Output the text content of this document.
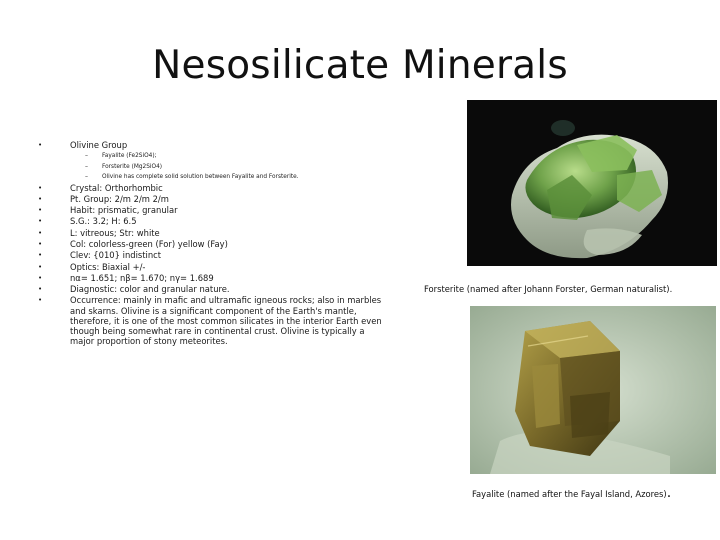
Nesosilicate Minerals
•	Olivine Group
– Fayalite (Fe2SiO4);
– Forsterite (Mg2SiO4)
– Olivine has complete solid solution between Fayalite and Forsterite.
•	Crystal: Orthorhombic
•	Pt. Group: 2/m 2/m 2/m
•	Habit: prismatic, granular
•	S.G.: 3.2; H: 6.5
•	L: vitreous; Str: white
•	Col: colorless-green (For) yellow (Fay)
•	Clev: {010} indistinct
•	Optics: Biaxial +/-
•	nα= 1.651; nβ= 1.670; nγ= 1.689
•	Diagnostic: color and granular nature.
•	Occurrence: mainly in mafic and ultramafic igneous rocks; also in marbles and skarns. Olivine is a significant component of the Earth's mantle, therefore, it is one of the most common silicates in the interior Earth even though being somewhat rare in continental crust. Olivine is typically a major proportion of stony meteorites.
Forsterite (named after Johann Forster, German naturalist).
Fayalite (named after the Fayal Island, Azores).
